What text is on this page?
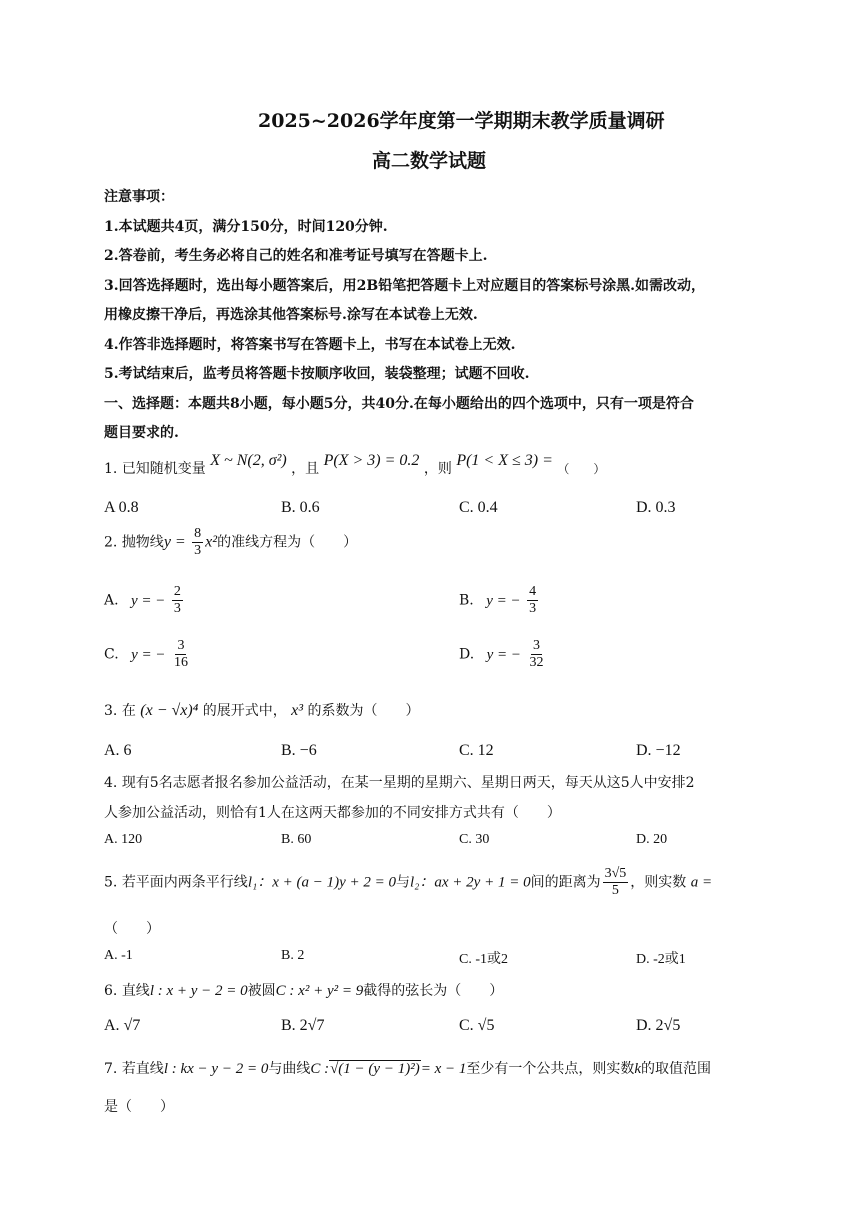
2025~2026学年度第一学期期末教学质量调研
高二数学试题
注意事项：
1.本试题共4页，满分150分，时间120分钟.
2.答卷前，考生务必将自己的姓名和准考证号填写在答题卡上.
3.回答选择题时，选出每小题答案后，用2B铅笔把答题卡上对应题目的答案标号涂黑.如需改动，
用橡皮擦干净后，再选涂其他答案标号.涂写在本试卷上无效.
4.作答非选择题时，将答案书写在答题卡上，书写在本试卷上无效.
5.考试结束后，监考员将答题卡按顺序收回，装袋整理；试题不回收.
一、选择题：本题共8小题，每小题5分，共40分.在每小题给出的四个选项中，只有一项是符合
题目要求的.
1. 已知随机变量 X ~ N(2, σ²) ，且 P(X > 3) = 0.2 ，则 P(1 < X ≤ 3) = （　　）
A 0.8	B. 0.6	C. 0.4	D. 0.3
2. 抛物线$y = \frac{8}{3} x^2$的准线方程为（　　）
A. y = − $\frac{2}{3}$	B. y = − $\frac{4}{3}$
C. y = − $\frac{3}{16}$	D. y = − $\frac{3}{32}$
3. 在 (x − √x)⁴ 的展开式中， x³ 的系数为（　　）
A. 6	B. −6	C. 12	D. −12
4. 现有5名志愿者报名参加公益活动，在某一星期的星期六、星期日两天，每天从这5人中安排2
人参加公益活动，则恰有1人在这两天都参加的不同安排方式共有（　　）
A. 120	B. 60	C. 30	D. 20
5. 若平面内两条平行线l₁：x + (a − 1)y + 2 = 0与l₂：ax + 2y + 1 = 0间的距离为 $\frac{3√5}{5}$ ，则实数 a =
（　　）
A. -1	B. 2	C. -1或2	D. -2或1
6. 直线l : x + y − 2 = 0被圆C : x² + y² = 9截得的弦长为（　　）
A. √7	B. 2√7	C. √5	D. 2√5
7. 若直线l : kx − y − 2 = 0与曲线C :√(1 − (y − 1)²)= x − 1至少有一个公共点，则实数k的取值范围
是（　　）
